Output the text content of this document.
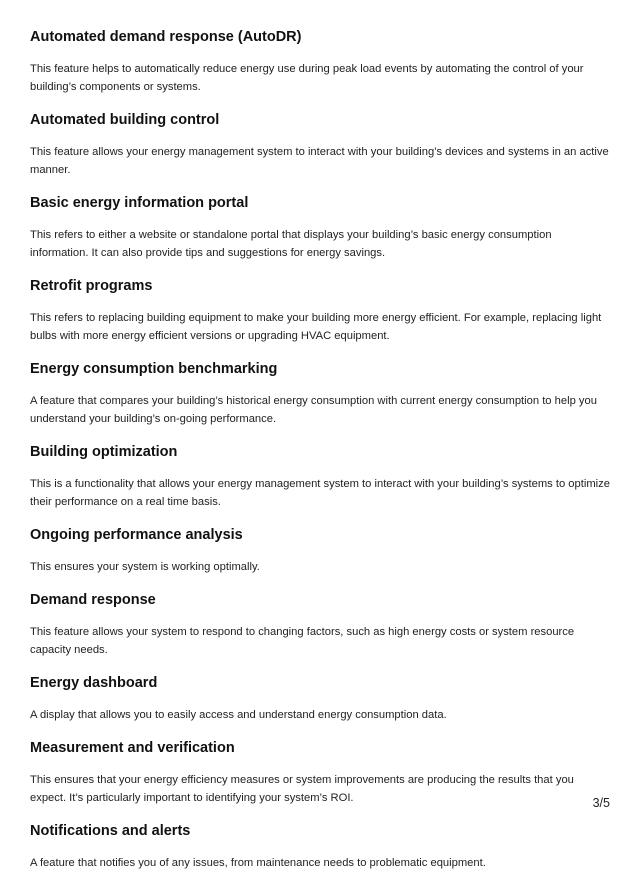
Automated demand response (AutoDR)

This feature helps to automatically reduce energy use during peak load events by automating the control of your building’s components or systems.

Automated building control

This feature allows your energy management system to interact with your building’s devices and systems in an active manner.

Basic energy information portal

This refers to either a website or standalone portal that displays your building’s basic energy consumption information. It can also provide tips and suggestions for energy savings.

Retrofit programs

This refers to replacing building equipment to make your building more energy efficient. For example, replacing light bulbs with more energy efficient versions or upgrading HVAC equipment.

Energy consumption benchmarking

A feature that compares your building’s historical energy consumption with current energy consumption to help you understand your building’s on-going performance.

Building optimization

This is a functionality that allows your energy management system to interact with your building’s systems to optimize their performance on a real time basis.

Ongoing performance analysis

This ensures your system is working optimally.

Demand response

This feature allows your system to respond to changing factors, such as high energy costs or system resource capacity needs.

Energy dashboard

A display that allows you to easily access and understand energy consumption data.

Measurement and verification

This ensures that your energy efficiency measures or system improvements are producing the results that you expect. It’s particularly important to identifying your system’s ROI.

Notifications and alerts

A feature that notifies you of any issues, from maintenance needs to problematic equipment.

3/5
